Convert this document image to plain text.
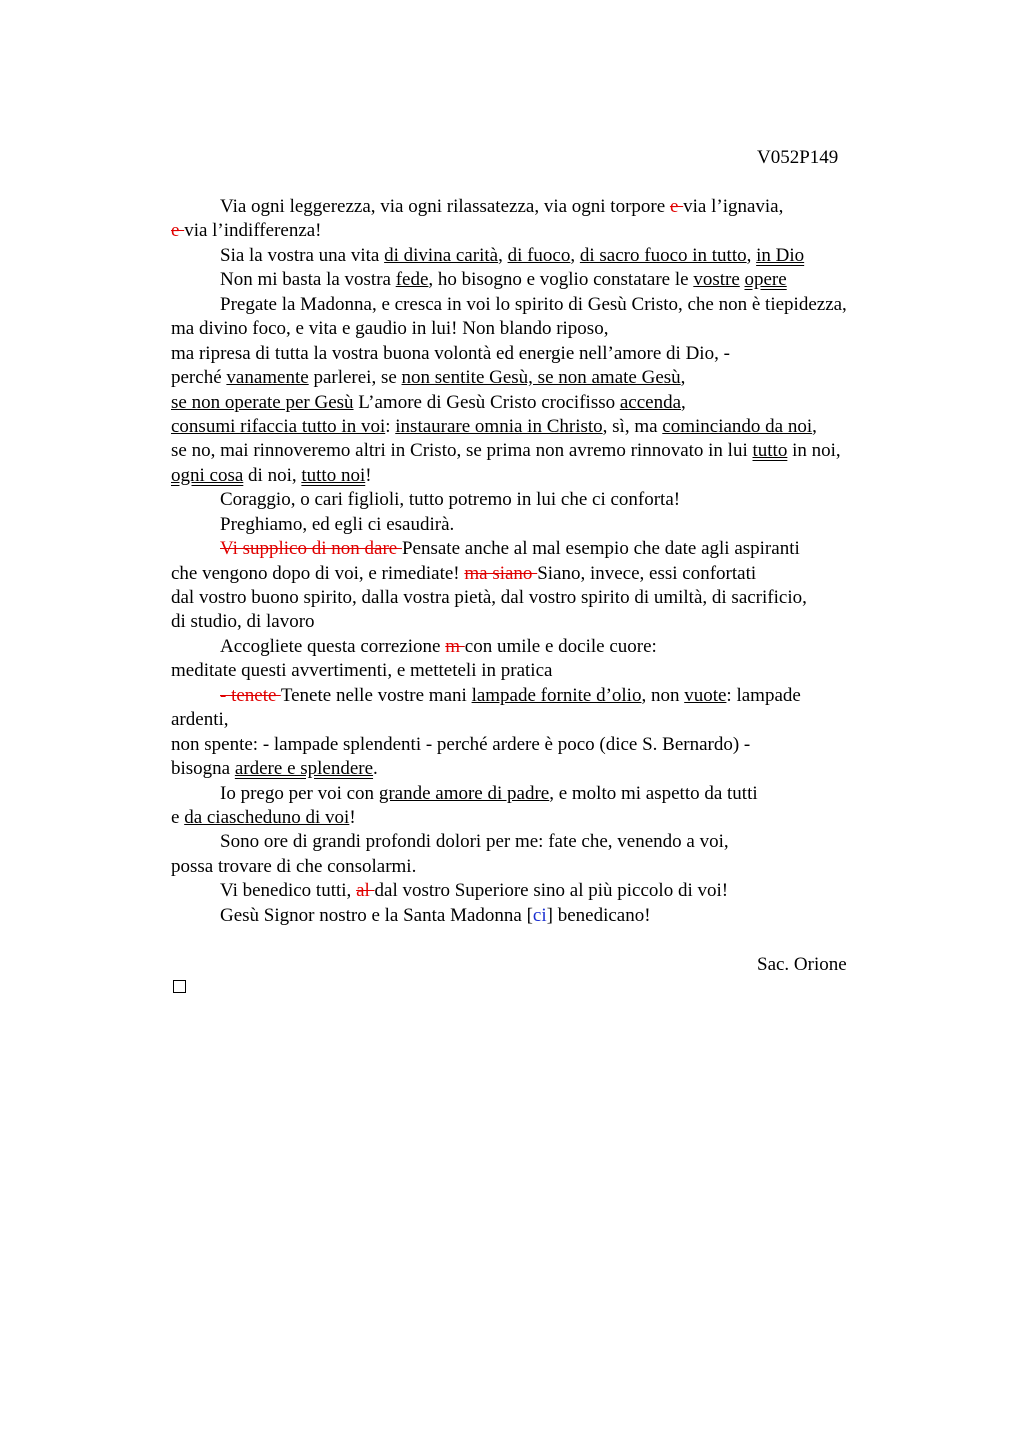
V052P149
Via ogni leggerezza, via ogni rilassatezza, via ogni torpore e via l’ignavia,
e via l’indifferenza!
Sia la vostra una vita di divina carità, di fuoco, di sacro fuoco in tutto, in Dio
Non mi basta la vostra fede, ho bisogno e voglio constatare le vostre opere
Pregate la Madonna, e cresca in voi lo spirito di Gesù Cristo, che non è tiepidezza,
ma divino foco, e vita e gaudio in lui! Non blando riposo,
ma ripresa di tutta la vostra buona volontà ed energie nell’amore di Dio, -
perché vanamente parlerei, se non sentite Gesù, se non amate Gesù,
se non operate per Gesù L’amore di Gesù Cristo crocifisso accenda,
consumi rifaccia tutto in voi: instaurare omnia in Christo, sì, ma cominciando da noi,
se no, mai rinnoveremo altri in Cristo, se prima non avremo rinnovato in lui tutto in noi,
ogni cosa di noi, tutto noi!
Coraggio, o cari figlioli, tutto potremo in lui che ci conforta!
Preghiamo, ed egli ci esaudirà.
Vi supplico di non dare Pensate anche al mal esempio che date agli aspiranti
che vengono dopo di voi, e rimediate! ma siano Siano, invece, essi confortati
dal vostro buono spirito, dalla vostra pietà, dal vostro spirito di umiltà, di sacrificio,
di studio, di lavoro
Accogliete questa correzione m con umile e docile cuore:
meditate questi avvertimenti, e metteteli in pratica
- tenete Tenete nelle vostre mani lampade fornite d’olio, non vuote: lampade
ardenti,
non spente: - lampade splendenti - perché ardere è poco (dice S. Bernardo) -
bisogna ardere e splendere.
Io prego per voi con grande amore di padre, e molto mi aspetto da tutti
e da ciascheduno di voi!
Sono ore di grandi profondi dolori per me: fate che, venendo a voi,
possa trovare di che consolarmi.
Vi benedico tutti, al dal vostro Superiore sino al più piccolo di voi!
Gesù Signor nostro e la Santa Madonna [ci] benedicano!
Sac. Orione
